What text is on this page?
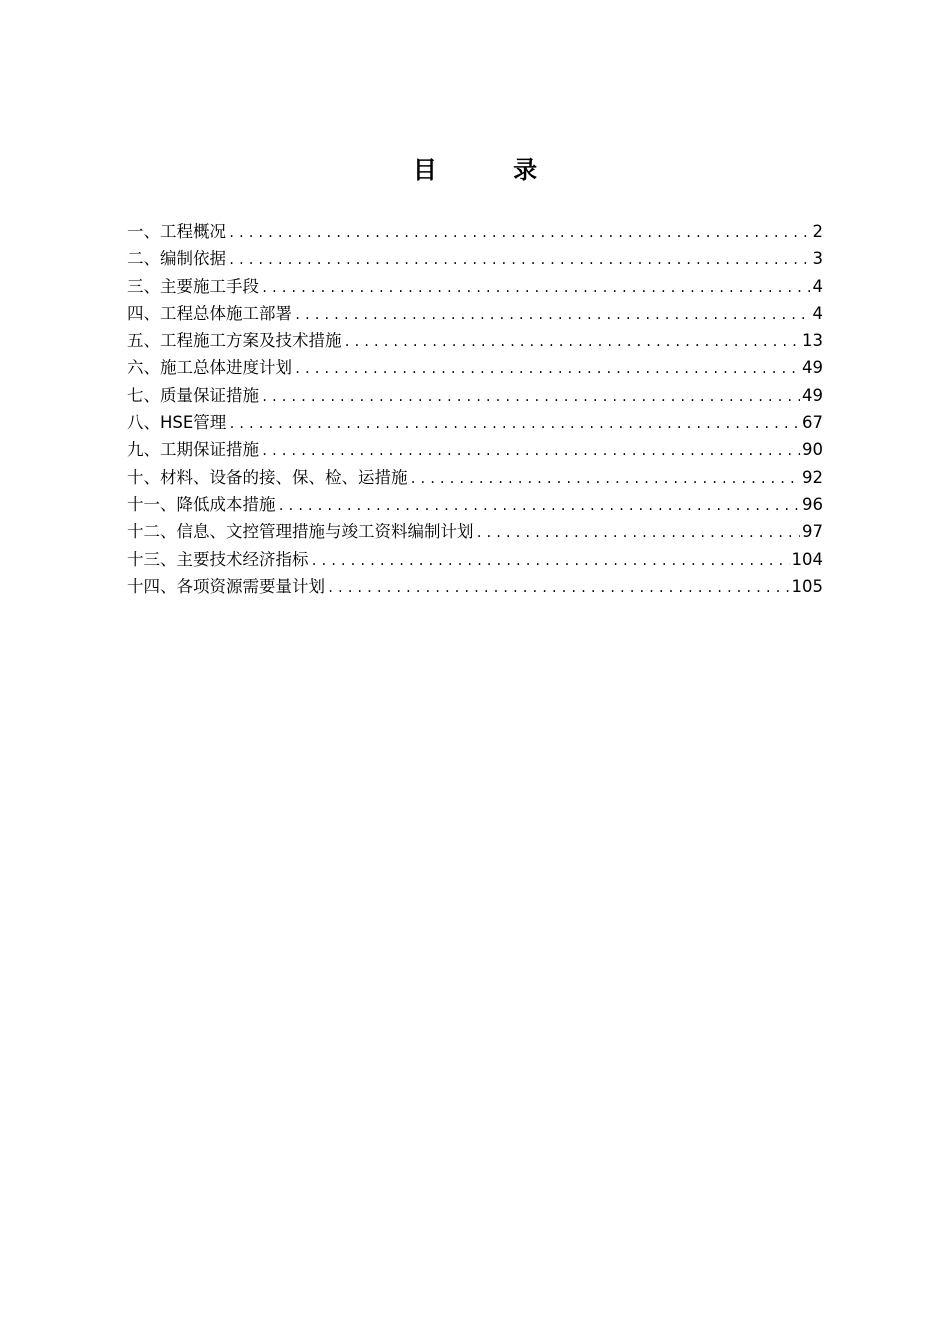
目 录
一、工程概况 .....	2
二、编制依据 .....	3
三、主要施工手段 .....	4
四、工程总体施工部署 .....	4
五、工程施工方案及技术措施 .....	13
六、施工总体进度计划 .....	49
七、质量保证措施 .....	49
八、HSE管理 .....	67
九、工期保证措施 .....	90
十、材料、设备的接、保、检、运措施 .....	92
十一、降低成本措施 .....	96
十二、信息、文控管理措施与竣工资料编制计划 .....	97
十三、主要技术经济指标 .....	104
十四、各项资源需要量计划 .....	105
